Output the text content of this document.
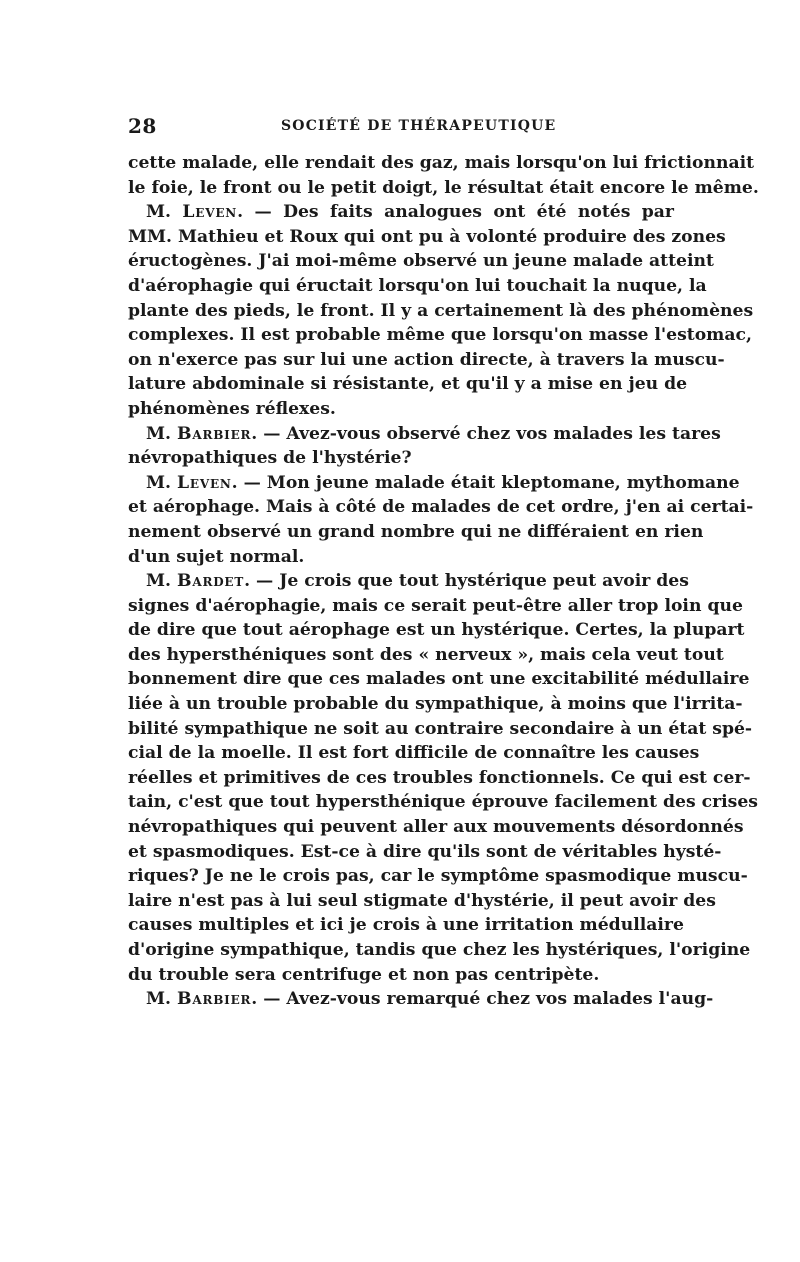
28	SOCIÉTÉ DE THÉRAPEUTIQUE
cette malade, elle rendait des gaz, mais lorsqu'on lui frictionnait
le foie, le front ou le petit doigt, le résultat était encore le même.
M. Leven. — Des faits analogues ont été notés par
MM. Mathieu et Roux qui ont pu à volonté produire des zones
éructogènes. J'ai moi-même observé un jeune malade atteint
d'aérophagie qui éructait lorsqu'on lui touchait la nuque, la
plante des pieds, le front. Il y a certainement là des phénomènes
complexes. Il est probable même que lorsqu'on masse l'estomac,
on n'exerce pas sur lui une action directe, à travers la muscu-
lature abdominale si résistante, et qu'il y a mise en jeu de
phénomènes réflexes.
M. Barbier. — Avez-vous observé chez vos malades les tares
névropathiques de l'hystérie?
M. Leven. — Mon jeune malade était kleptomane, mythomane
et aérophage. Mais à côté de malades de cet ordre, j'en ai certai-
nement observé un grand nombre qui ne différaient en rien
d'un sujet normal.
M. Bardet. — Je crois que tout hystérique peut avoir des
signes d'aérophagie, mais ce serait peut-être aller trop loin que
de dire que tout aérophage est un hystérique. Certes, la plupart
des hypersthéniques sont des « nerveux », mais cela veut tout
bonnement dire que ces malades ont une excitabilité médullaire
liée à un trouble probable du sympathique, à moins que l'irrita-
bilité sympathique ne soit au contraire secondaire à un état spé-
cial de la moelle. Il est fort difficile de connaître les causes
réelles et primitives de ces troubles fonctionnels. Ce qui est cer-
tain, c'est que tout hypersthénique éprouve facilement des crises
névropathiques qui peuvent aller aux mouvements désordonnés
et spasmodiques. Est-ce à dire qu'ils sont de véritables hysté-
riques? Je ne le crois pas, car le symptôme spasmodique muscu-
laire n'est pas à lui seul stigmate d'hystérie, il peut avoir des
causes multiples et ici je crois à une irritation médullaire
d'origine sympathique, tandis que chez les hystériques, l'origine
du trouble sera centrifuge et non pas centripète.
M. Barbier. — Avez-vous remarqué chez vos malades l'aug-
